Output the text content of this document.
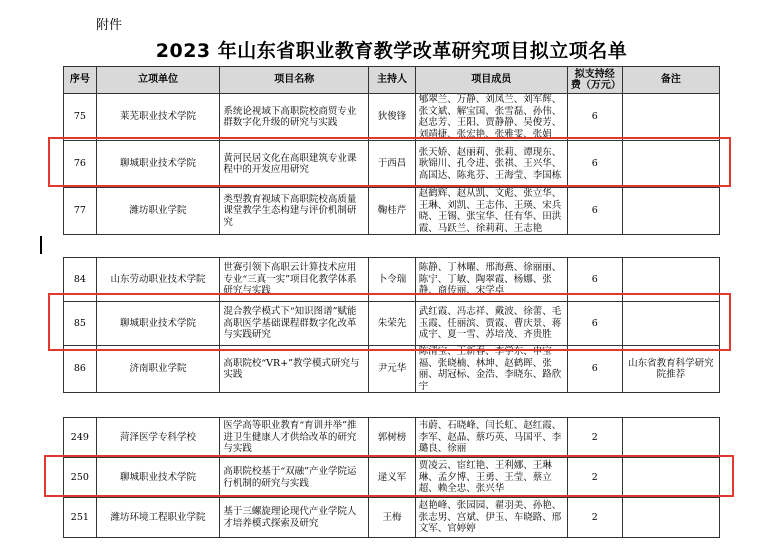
附件
2023 年山东省职业教育教学改革研究项目拟立项名单
序号	立项单位	项目名称	主持人	项目成员	拟支持经费（万元）	备注
75	莱芜职业技术学院	系统论视域下高职院校商贸专业群数字化升级的研究与实践	狄俊锋	郇翠兰、万静、刘凤兰、刘军辉、张文斌、解宝国、张雪磊、孙伟、赵忠芳、王阳、贾静静、吴俊芳、刘靖捷、张宏艳、张雅雯、张娟	6	
76	聊城职业技术学院	黄河民居文化在高职建筑专业课程中的开发应用研究	于西昌	张天娇、赵丽莉、张莉、谭现东、耿锦川、孔令进、张祺、王兴华、高国达、陈兆芬、王海莹、李国栋	6	
77	潍坊职业学院	类型教育视域下高职院校高质量课堂教学生态构建与评价机制研究	鞠桂芹	赵鹤辉、赵从凯、文彪、张立华、王琳、刘凯、王志伟、王瑛、宋兵晓、王锡、张宝华、任有华、田洪霞、马跃兰、徐莉莉、王志艳	6	
84	山东劳动职业技术学院	世赛引领下高职云计算技术应用专业“三真一实”项目化教学体系研究与实践	卜令瑞	陈静、丁林曜、邢海燕、徐丽丽、陈宁、丁敏、陶翠霞、杨娜、张静、商传丽、宋学卓	6	
85	聊城职业技术学院	混合教学模式下“知识图谱”赋能高职医学基础课程群数字化改革与实践研究	朱荣先	武红霞、冯志祥、戴波、徐蕾、毛玉霞、任丽滨、贾霞、曹庆景、蒋成宇、夏一雪、苏培茂、齐贵胜	6	
86	济南职业学院	高职院校“VR+”教学模式研究与实践	尹元华	陈清宝、王新春、李学东、申宝福、张晓楠、林坤、赵鹤晖、张丽、胡冠标、金浩、李晓东、路欣宇	6	山东省教育科学研究院推荐
249	菏泽医学专科学校	医学高等职业教育“育训并举”推进卫生健康人才供给改革的研究与实践	郭树榜	韦蔚、石晓峰、闫长虹、赵红霞、李军、赵晶、蔡巧英、马国平、李璐良、徐丽	2	
250	聊城职业技术学院	高职院校基于“双融”产业学院运行机制的研究与实践	逯义军	贾凌云、宦红艳、王利娜、王琳琳、孟夕博、王勇、王莹、蔡立超、赖全忠、张兴华	2	
251	潍坊环境工程职业学院	基于三螺旋理论现代产业学院人才培养模式探索及研究	王梅	赵艳峰、张园园、翟羽美、孙艳、张志男、宫斌、伊玉、车晓路、邢文军、官婷婷	2	
